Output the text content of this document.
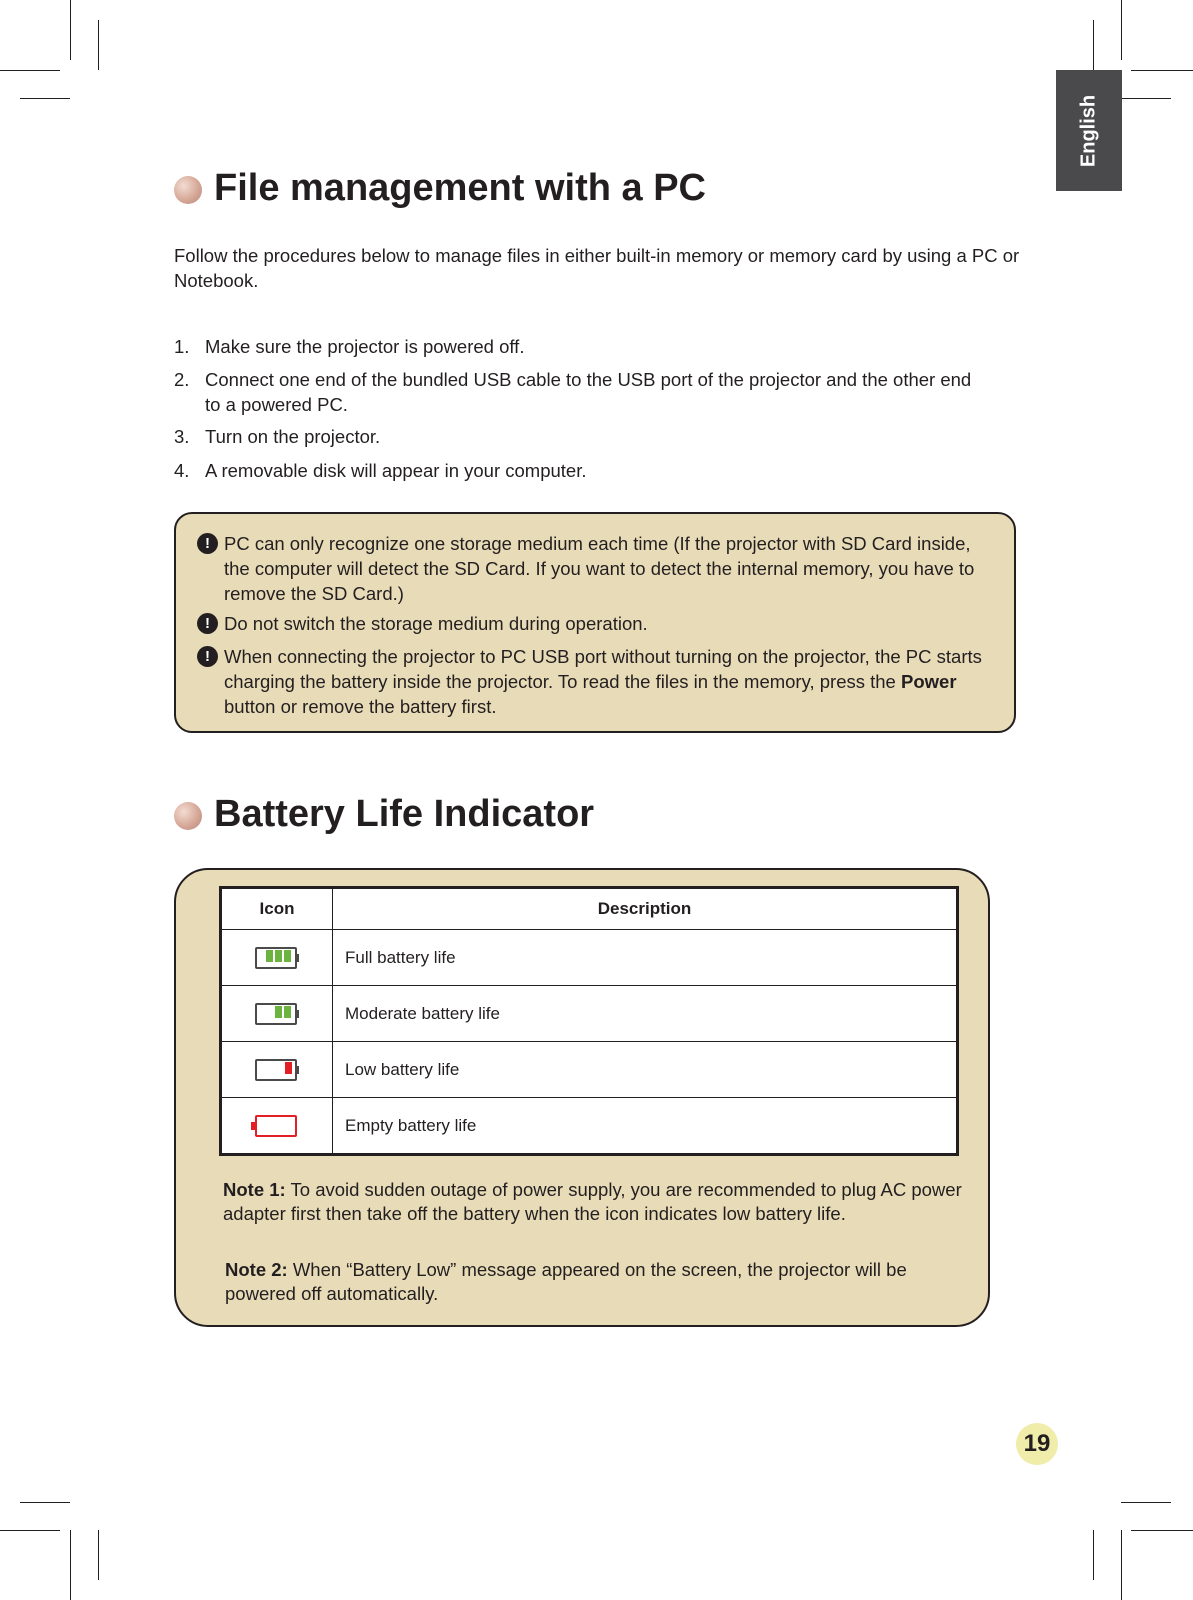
English
File management with a PC
Follow the procedures below to manage files in either built-in memory or memory card by using a PC or Notebook.
1. Make sure the projector is powered off.
2. Connect one end of the bundled USB cable to the USB port of the projector and the other end to a powered PC.
3. Turn on the projector.
4. A removable disk will appear in your computer.
! PC can only recognize one storage medium each time (If the projector with SD Card inside, the computer will detect the SD Card. If you want to detect the internal memory, you have to remove the SD Card.)
! Do not switch the storage medium during operation.
! When connecting the projector to PC USB port without turning on the projector, the PC starts charging the battery inside the projector. To read the files in the memory, press the Power button or remove the battery first.
Battery Life Indicator
Icon	Description

	Full battery life

	Moderate battery life

	Low battery life

	Empty battery life
Note 1: To avoid sudden outage of power supply, you are recommended to plug AC power adapter first then take off the battery when the icon indicates low battery life.
Note 2: When “Battery Low” message appeared on the screen, the projector will be powered off automatically.
19
